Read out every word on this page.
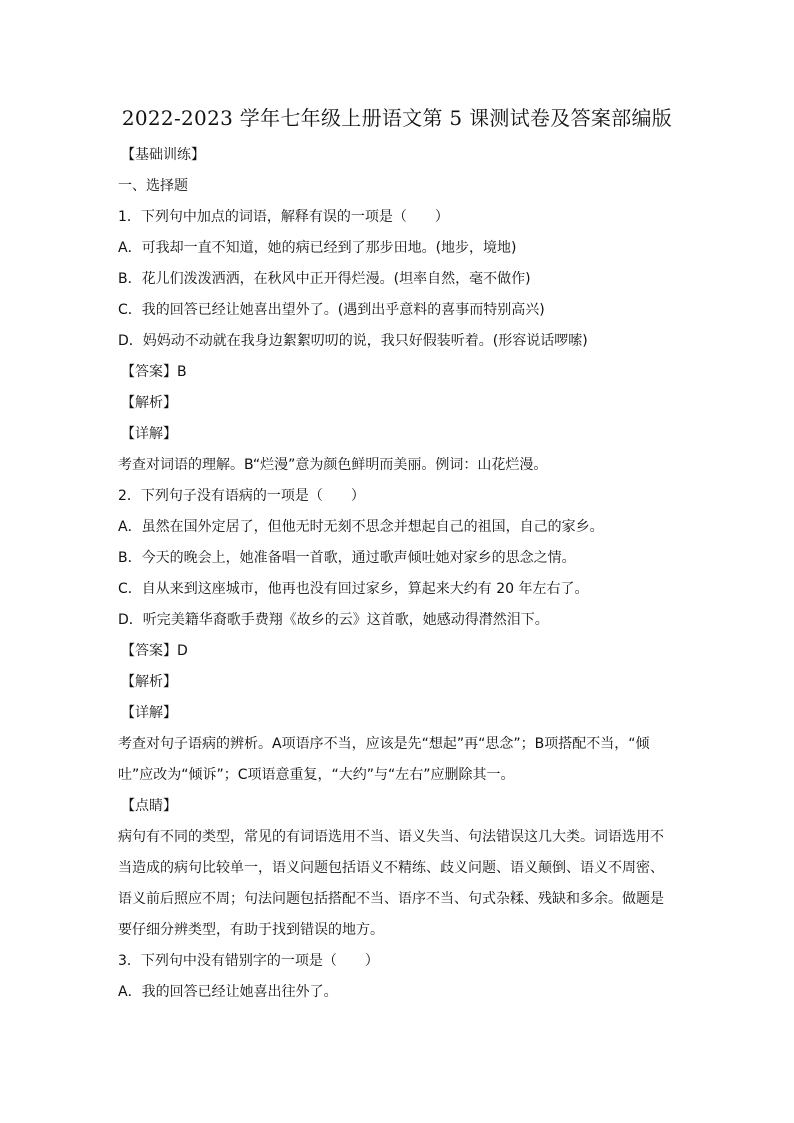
2022-2023 学年七年级上册语文第 5 课测试卷及答案部编版
【基础训练】
一、选择题
1．下列句中加点的词语，解释有误的一项是（　　）
A．可我却一直不知道，她的病已经到了那步田地。(地步，境地)
B．花儿们泼泼洒洒，在秋风中正开得烂漫。(坦率自然，毫不做作)
C．我的回答已经让她喜出望外了。(遇到出乎意料的喜事而特别高兴)
D．妈妈动不动就在我身边絮絮叨叨的说，我只好假装听着。(形容说话啰嗦)
【答案】B
【解析】
【详解】
考查对词语的理解。B“烂漫”意为颜色鲜明而美丽。例词：山花烂漫。
2．下列句子没有语病的一项是（　　）
A．虽然在国外定居了，但他无时无刻不思念并想起自己的祖国，自己的家乡。
B．今天的晚会上，她准备唱一首歌，通过歌声倾吐她对家乡的思念之情。
C．自从来到这座城市，他再也没有回过家乡，算起来大约有 20 年左右了。
D．听完美籍华裔歌手费翔《故乡的云》这首歌，她感动得潸然泪下。
【答案】D
【解析】
【详解】
考查对句子语病的辨析。A项语序不当，应该是先“想起”再“思念”；B项搭配不当，“倾
吐”应改为“倾诉”；C项语意重复，“大约”与“左右”应删除其一。
【点睛】
病句有不同的类型，常见的有词语选用不当、语义失当、句法错误这几大类。词语选用不
当造成的病句比较单一，语义问题包括语义不精练、歧义问题、语义颠倒、语义不周密、
语义前后照应不周；句法问题包括搭配不当、语序不当、句式杂糅、残缺和多余。做题是
要仔细分辨类型，有助于找到错误的地方。
3．下列句中没有错别字的一项是（　　）
A．我的回答已经让她喜出往外了。
